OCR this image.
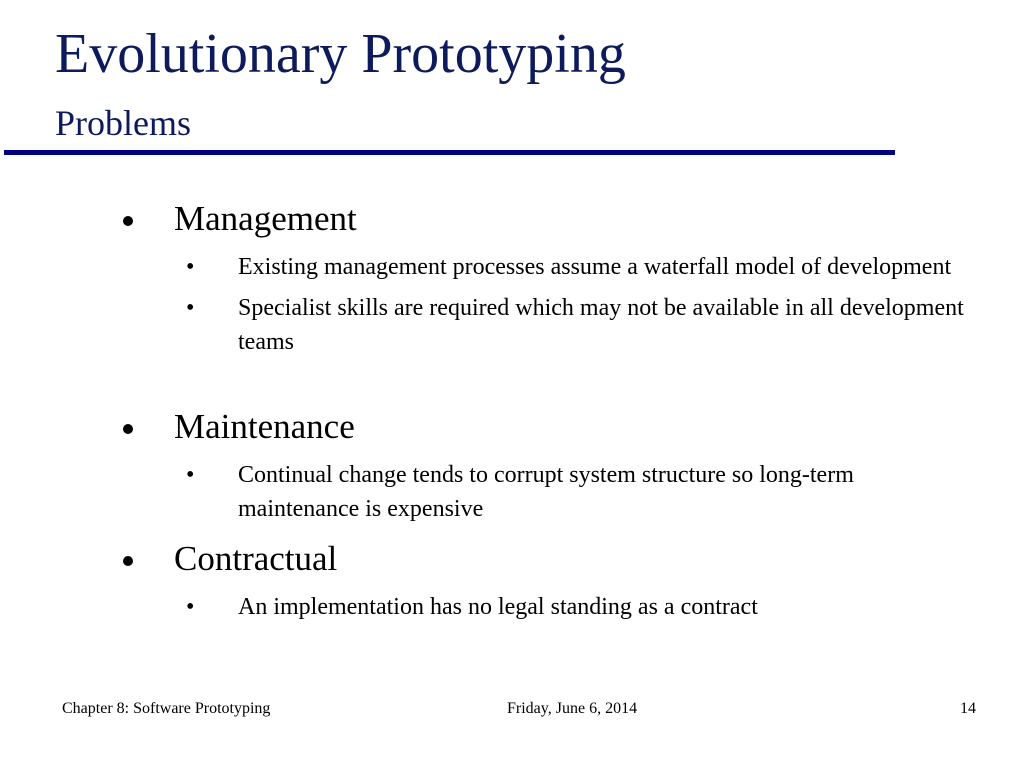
Evolutionary Prototyping
Problems
Management
• Existing management processes assume a waterfall model of development
• Specialist skills are required which may not be available in all development teams
Maintenance
• Continual change tends to corrupt system structure so long-term maintenance is expensive
Contractual
• An implementation has no legal standing as a contract
Chapter 8: Software Prototyping	Friday, June 6, 2014	14
